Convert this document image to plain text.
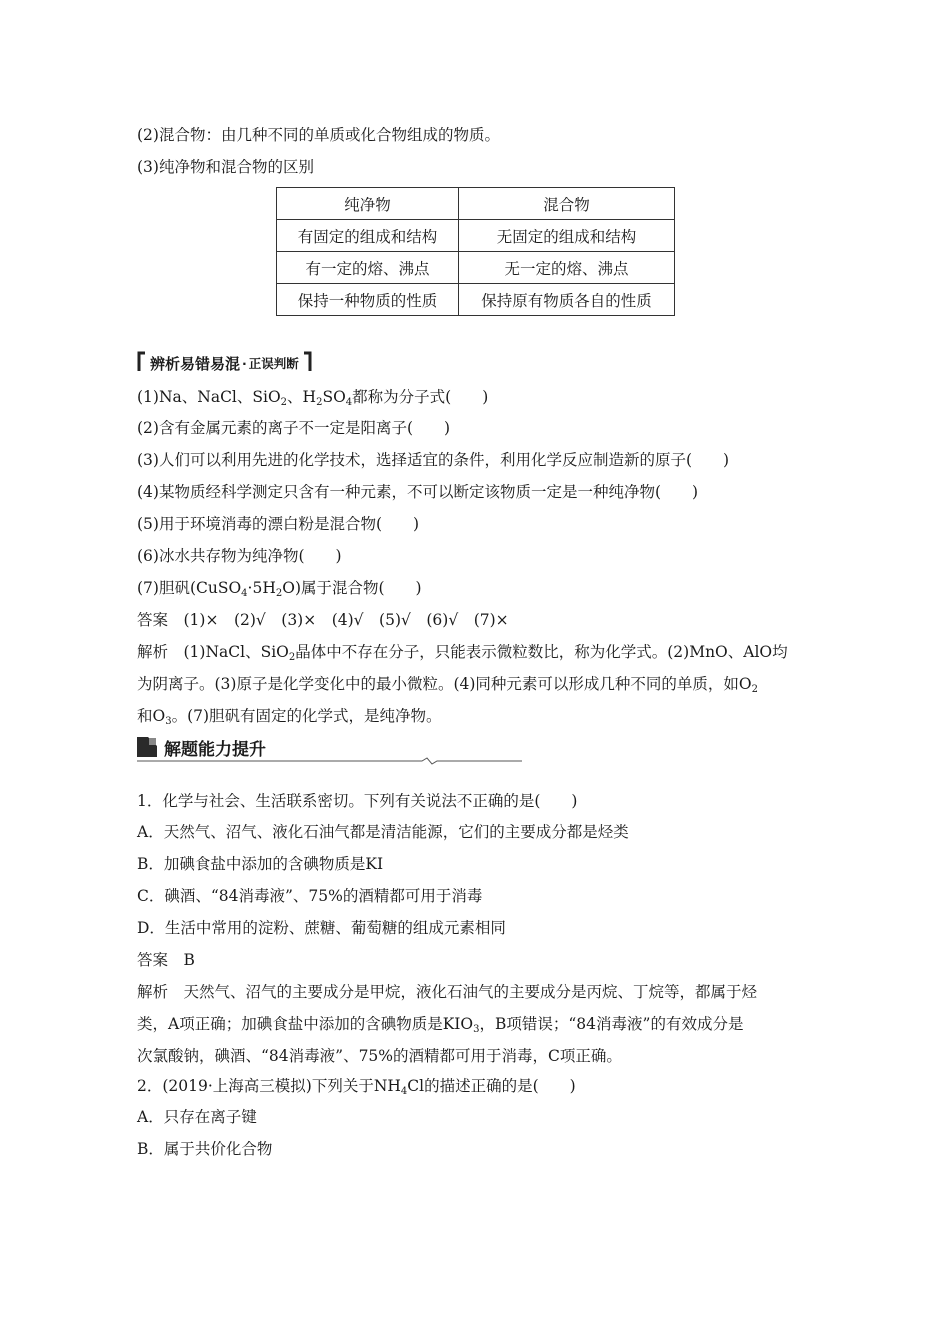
(2)混合物：由几种不同的单质或化合物组成的物质。
(3)纯净物和混合物的区别
纯净物	混合物
有固定的组成和结构	无固定的组成和结构
有一定的熔、沸点	无一定的熔、沸点
保持一种物质的性质	保持原有物质各自的性质
辨析易错易混 · 正误判断
(1)Na、NaCl、SiO$_2$、$H_2SO_4$都称为分子式(　　)
(2)含有金属元素的离子不一定是阳离子(　　)
(3)人们可以利用先进的化学技术，选择适宜的条件，利用化学反应制造新的原子(　　)
(4)某物质经科学测定只含有一种元素，不可以断定该物质一定是一种纯净物(　　)
(5)用于环境消毒的漂白粉是混合物(　　)
(6)冰水共存物为纯净物(　　)
(7)胆矾$(CuSO_4\cdot 5H_2O)$属于混合物(　　)
答案　(1)×　(2)√　(3)×　(4)√　(5)√　(6)√　(7)×
解析　(1)NaCl、SiO$_2$晶体中不存在分子，只能表示微粒数比，称为化学式。(2)MnO、AlO均
为阴离子。(3)原子是化学变化中的最小微粒。(4)同种元素可以形成几种不同的单质，如$O_2$
和$O_3$。(7)胆矾有固定的化学式，是纯净物。
解题能力提升
1．化学与社会、生活联系密切。下列有关说法不正确的是(　　)
A．天然气、沼气、液化石油气都是清洁能源，它们的主要成分都是烃类
B．加碘食盐中添加的含碘物质是KI
C．碘酒、“84消毒液”、75%的酒精都可用于消毒
D．生活中常用的淀粉、蔗糖、葡萄糖的组成元素相同
答案　B
解析　天然气、沼气的主要成分是甲烷，液化石油气的主要成分是丙烷、丁烷等，都属于烃
类，A项正确；加碘食盐中添加的含碘物质是$KIO_3$，B项错误；“84消毒液”的有效成分是
次氯酸钠，碘酒、“84消毒液”、75%的酒精都可用于消毒，C项正确。
2．(2019·上海高三模拟)下列关于$NH_4Cl$的描述正确的是(　　)
A．只存在离子键
B．属于共价化合物
